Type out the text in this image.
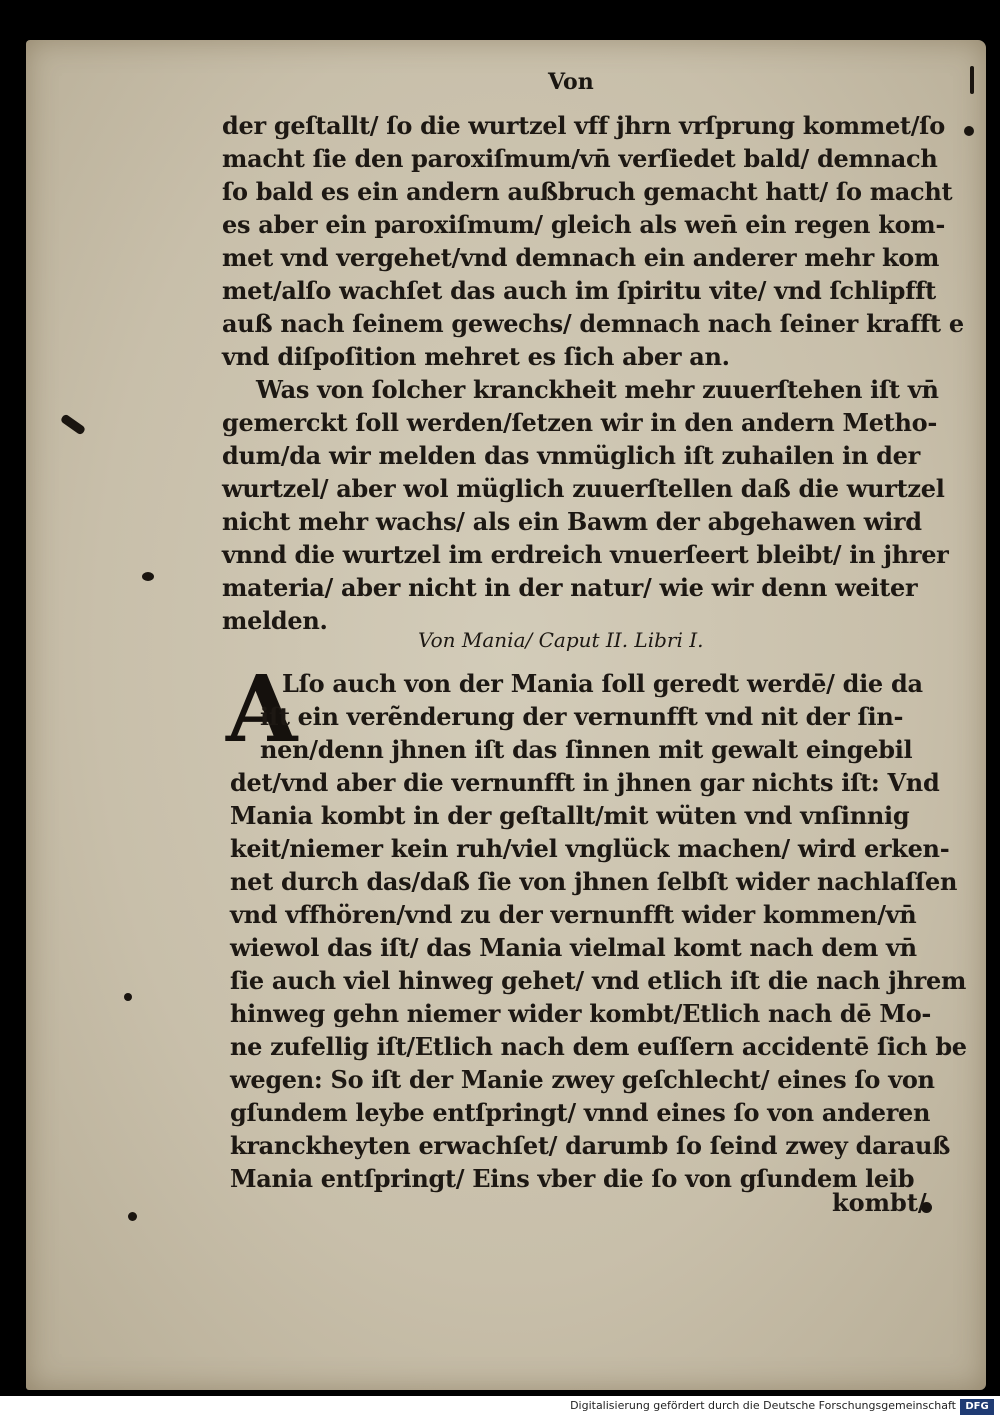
Von
der geſtallt/ ſo die wurtzel vff jhrn vrſprung kommet/ſo
macht ſie den paroxiſmum/vn̄ verſiedet bald/ demnach
ſo bald es ein andern außbruch gemacht hatt/ ſo macht
es aber ein paroxiſmum/ gleich als wen̄ ein regen kom-
met vnd vergehet/vnd demnach ein anderer mehr kom
met/alſo wachſet das auch im ſpiritu vite/ vnd ſchlipfft
auß nach ſeinem gewechs/ demnach nach ſeiner krafft e
vnd diſpoſition mehret es ſich aber an.
Was von ſolcher kranckheit mehr zuuerſtehen iſt vn̄
gemerckt ſoll werden/ſetzen wir in den andern Metho-
dum/da wir melden das vnmüglich iſt zuhailen in der
wurtzel/ aber wol müglich zuuerſtellen daß die wurtzel
nicht mehr wachs/ als ein Bawm der abgehawen wird
vnnd die wurtzel im erdreich vnuerſeert bleibt/ in jhrer
materia/ aber nicht in der natur/ wie wir denn weiter
melden.
Von Mania/ Caput II. Libri I.
A
Lſo auch von der Mania ſoll geredt werdē/ die da
iſt ein verẽnderung der vernunfft vnd nit der ſin-
nen/denn jhnen iſt das ſinnen mit gewalt eingebil
det/vnd aber die vernunfft in jhnen gar nichts iſt: Vnd
Mania kombt in der geſtallt/mit wüten vnd vnſinnig
keit/niemer kein ruh/viel vnglück machen/ wird erken-
net durch das/daß ſie von jhnen ſelbſt wider nachlaſſen
vnd vffhören/vnd zu der vernunfft wider kommen/vn̄
wiewol das iſt/ das Mania vielmal komt nach dem vn̄
ſie auch viel hinweg gehet/ vnd etlich iſt die nach jhrem
hinweg gehn niemer wider kombt/Etlich nach dē Mo-
ne zufellig iſt/Etlich nach dem euſſern accidentē ſich be
wegen: So iſt der Manie zwey geſchlecht/ eines ſo von
gſundem leybe entſpringt/ vnnd eines ſo von anderen
kranckheyten erwachſet/ darumb ſo ſeind zwey darauß
Mania entſpringt/ Eins vber die ſo von gſundem leib
kombt/
Digitalisierung gefördert durch die Deutsche Forschungsgemeinschaft DFG
